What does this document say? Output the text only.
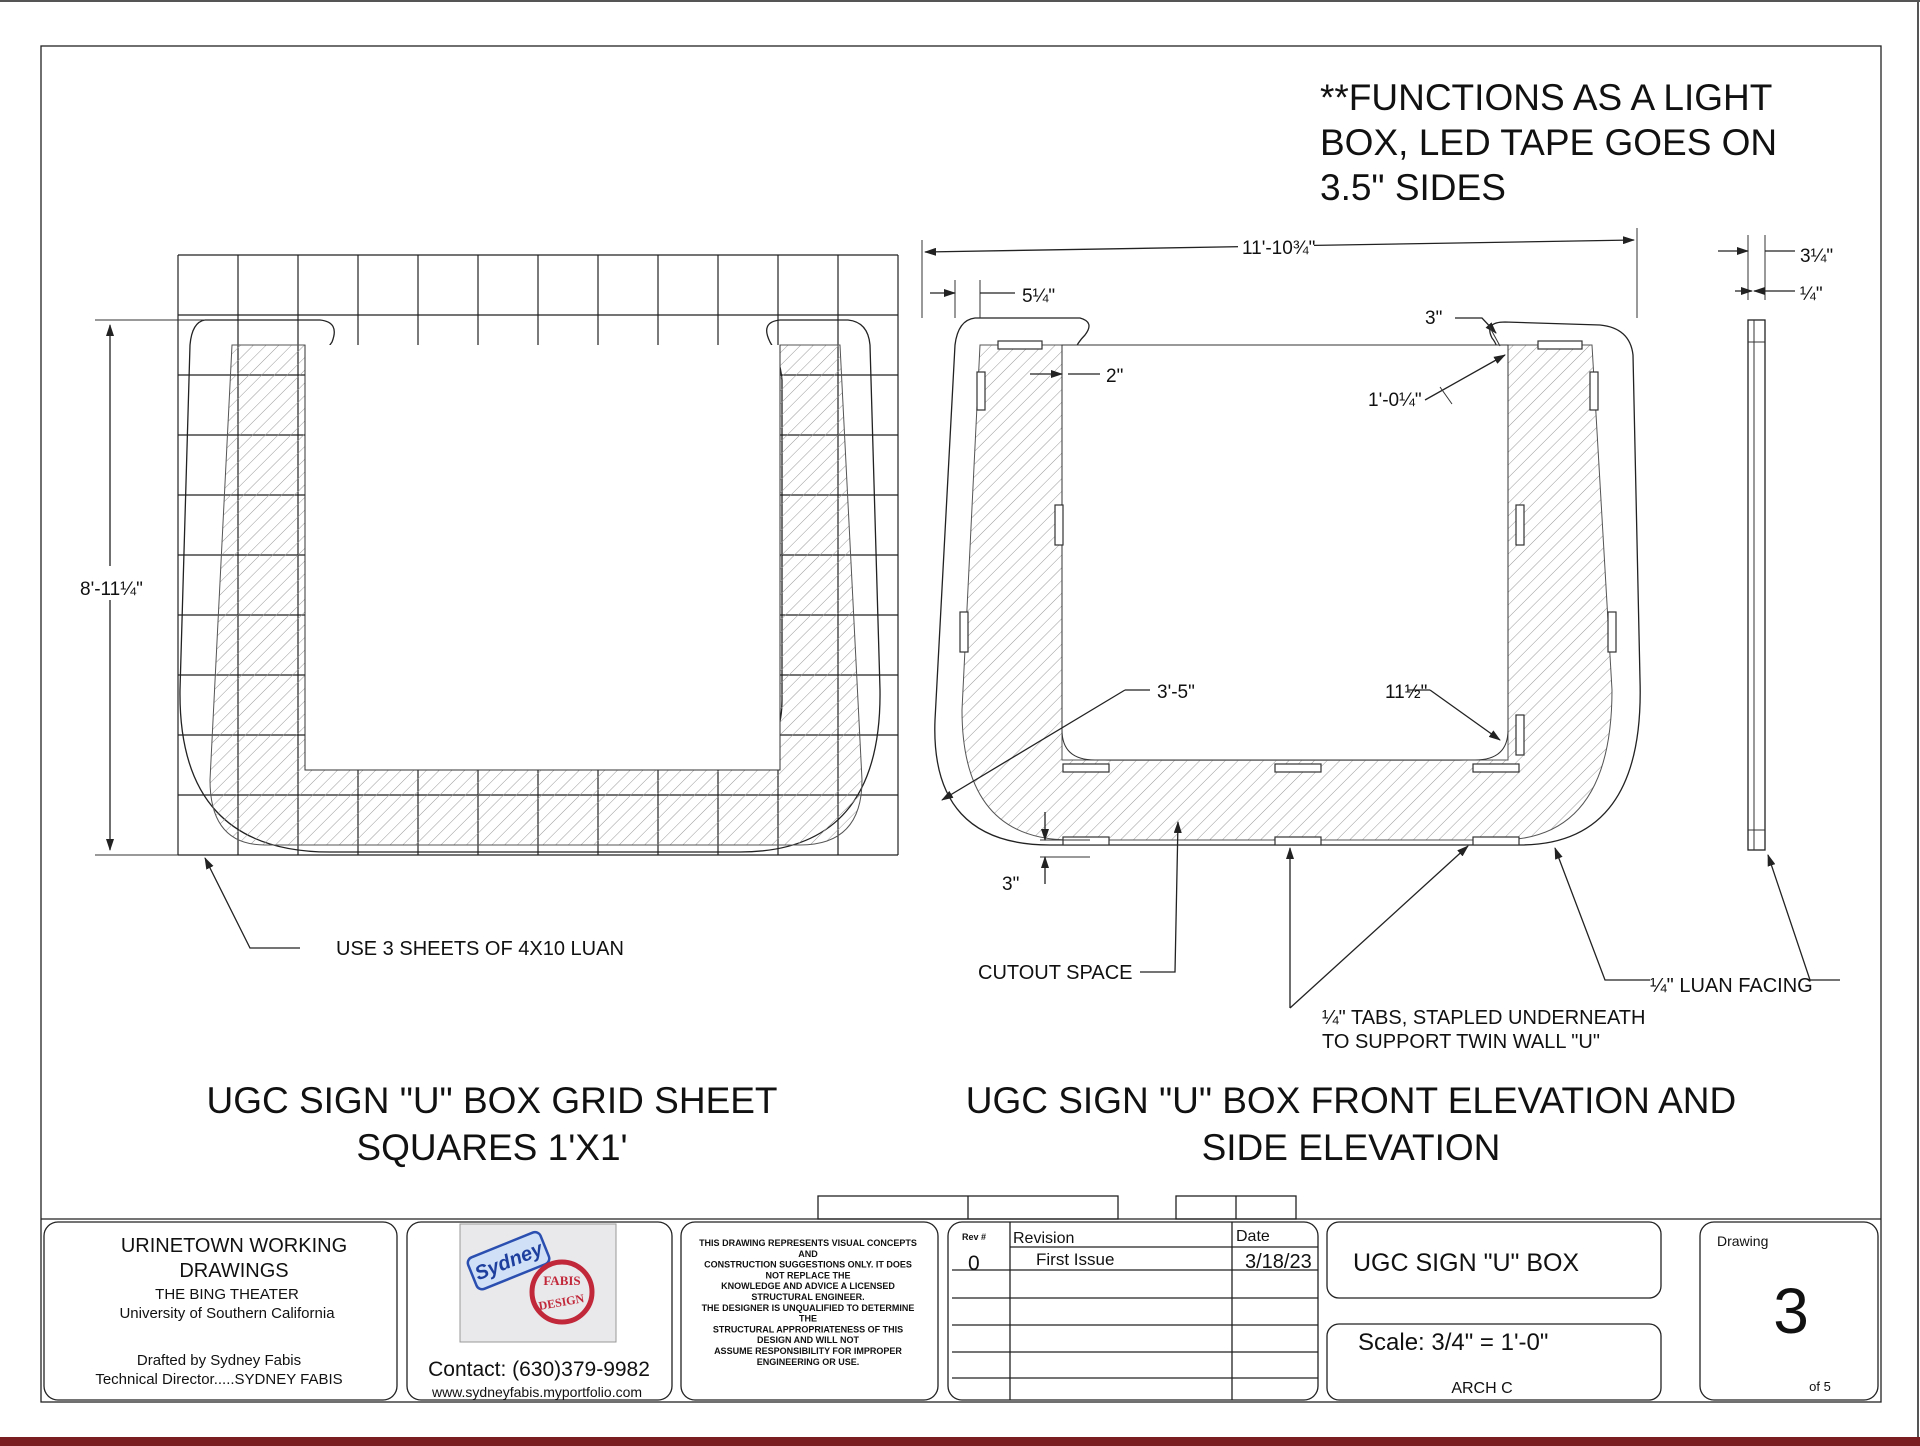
**FUNCTIONS AS A LIGHT
BOX, LED TAPE GOES ON
3.5" SIDES
8'-11¼"
USE 3 SHEETS OF 4X10 LUAN
UGC SIGN "U" BOX GRID SHEET
SQUARES 1'X1'
11'-10¾"
5¼"
2"
3"
1'-0¼"
3'-5"	11½"
3"
CUTOUT SPACE
¼" TABS, STAPLED UNDERNEATH
TO SUPPORT TWIN WALL "U"
¼" LUAN FACING
UGC SIGN "U" BOX FRONT ELEVATION AND
SIDE ELEVATION
3¼"
¼"
URINETOWN WORKING
DRAWINGS
THE BING THEATER
University of Southern California
Drafted by Sydney Fabis
Technical Director.....SYDNEY FABIS
Sydney
FABIS
DESIGN
Contact: (630)379-9982
www.sydneyfabis.myportfolio.com
THIS DRAWING REPRESENTS VISUAL CONCEPTS
AND
CONSTRUCTION SUGGESTIONS ONLY. IT DOES
NOT REPLACE THE
KNOWLEDGE AND ADVICE A LICENSED
STRUCTURAL ENGINEER.
THE DESIGNER IS UNQUALIFIED TO DETERMINE
THE
STRUCTURAL APPROPRIATENESS OF THIS
DESIGN AND WILL NOT
ASSUME RESPONSIBILITY FOR IMPROPER
ENGINEERING OR USE.
Rev # Revision	Date
0	First Issue	3/18/23 UGC SIGN "U" BOX
Scale: 3/4" = 1'-0"
ARCH C
Drawing
3
of 5
